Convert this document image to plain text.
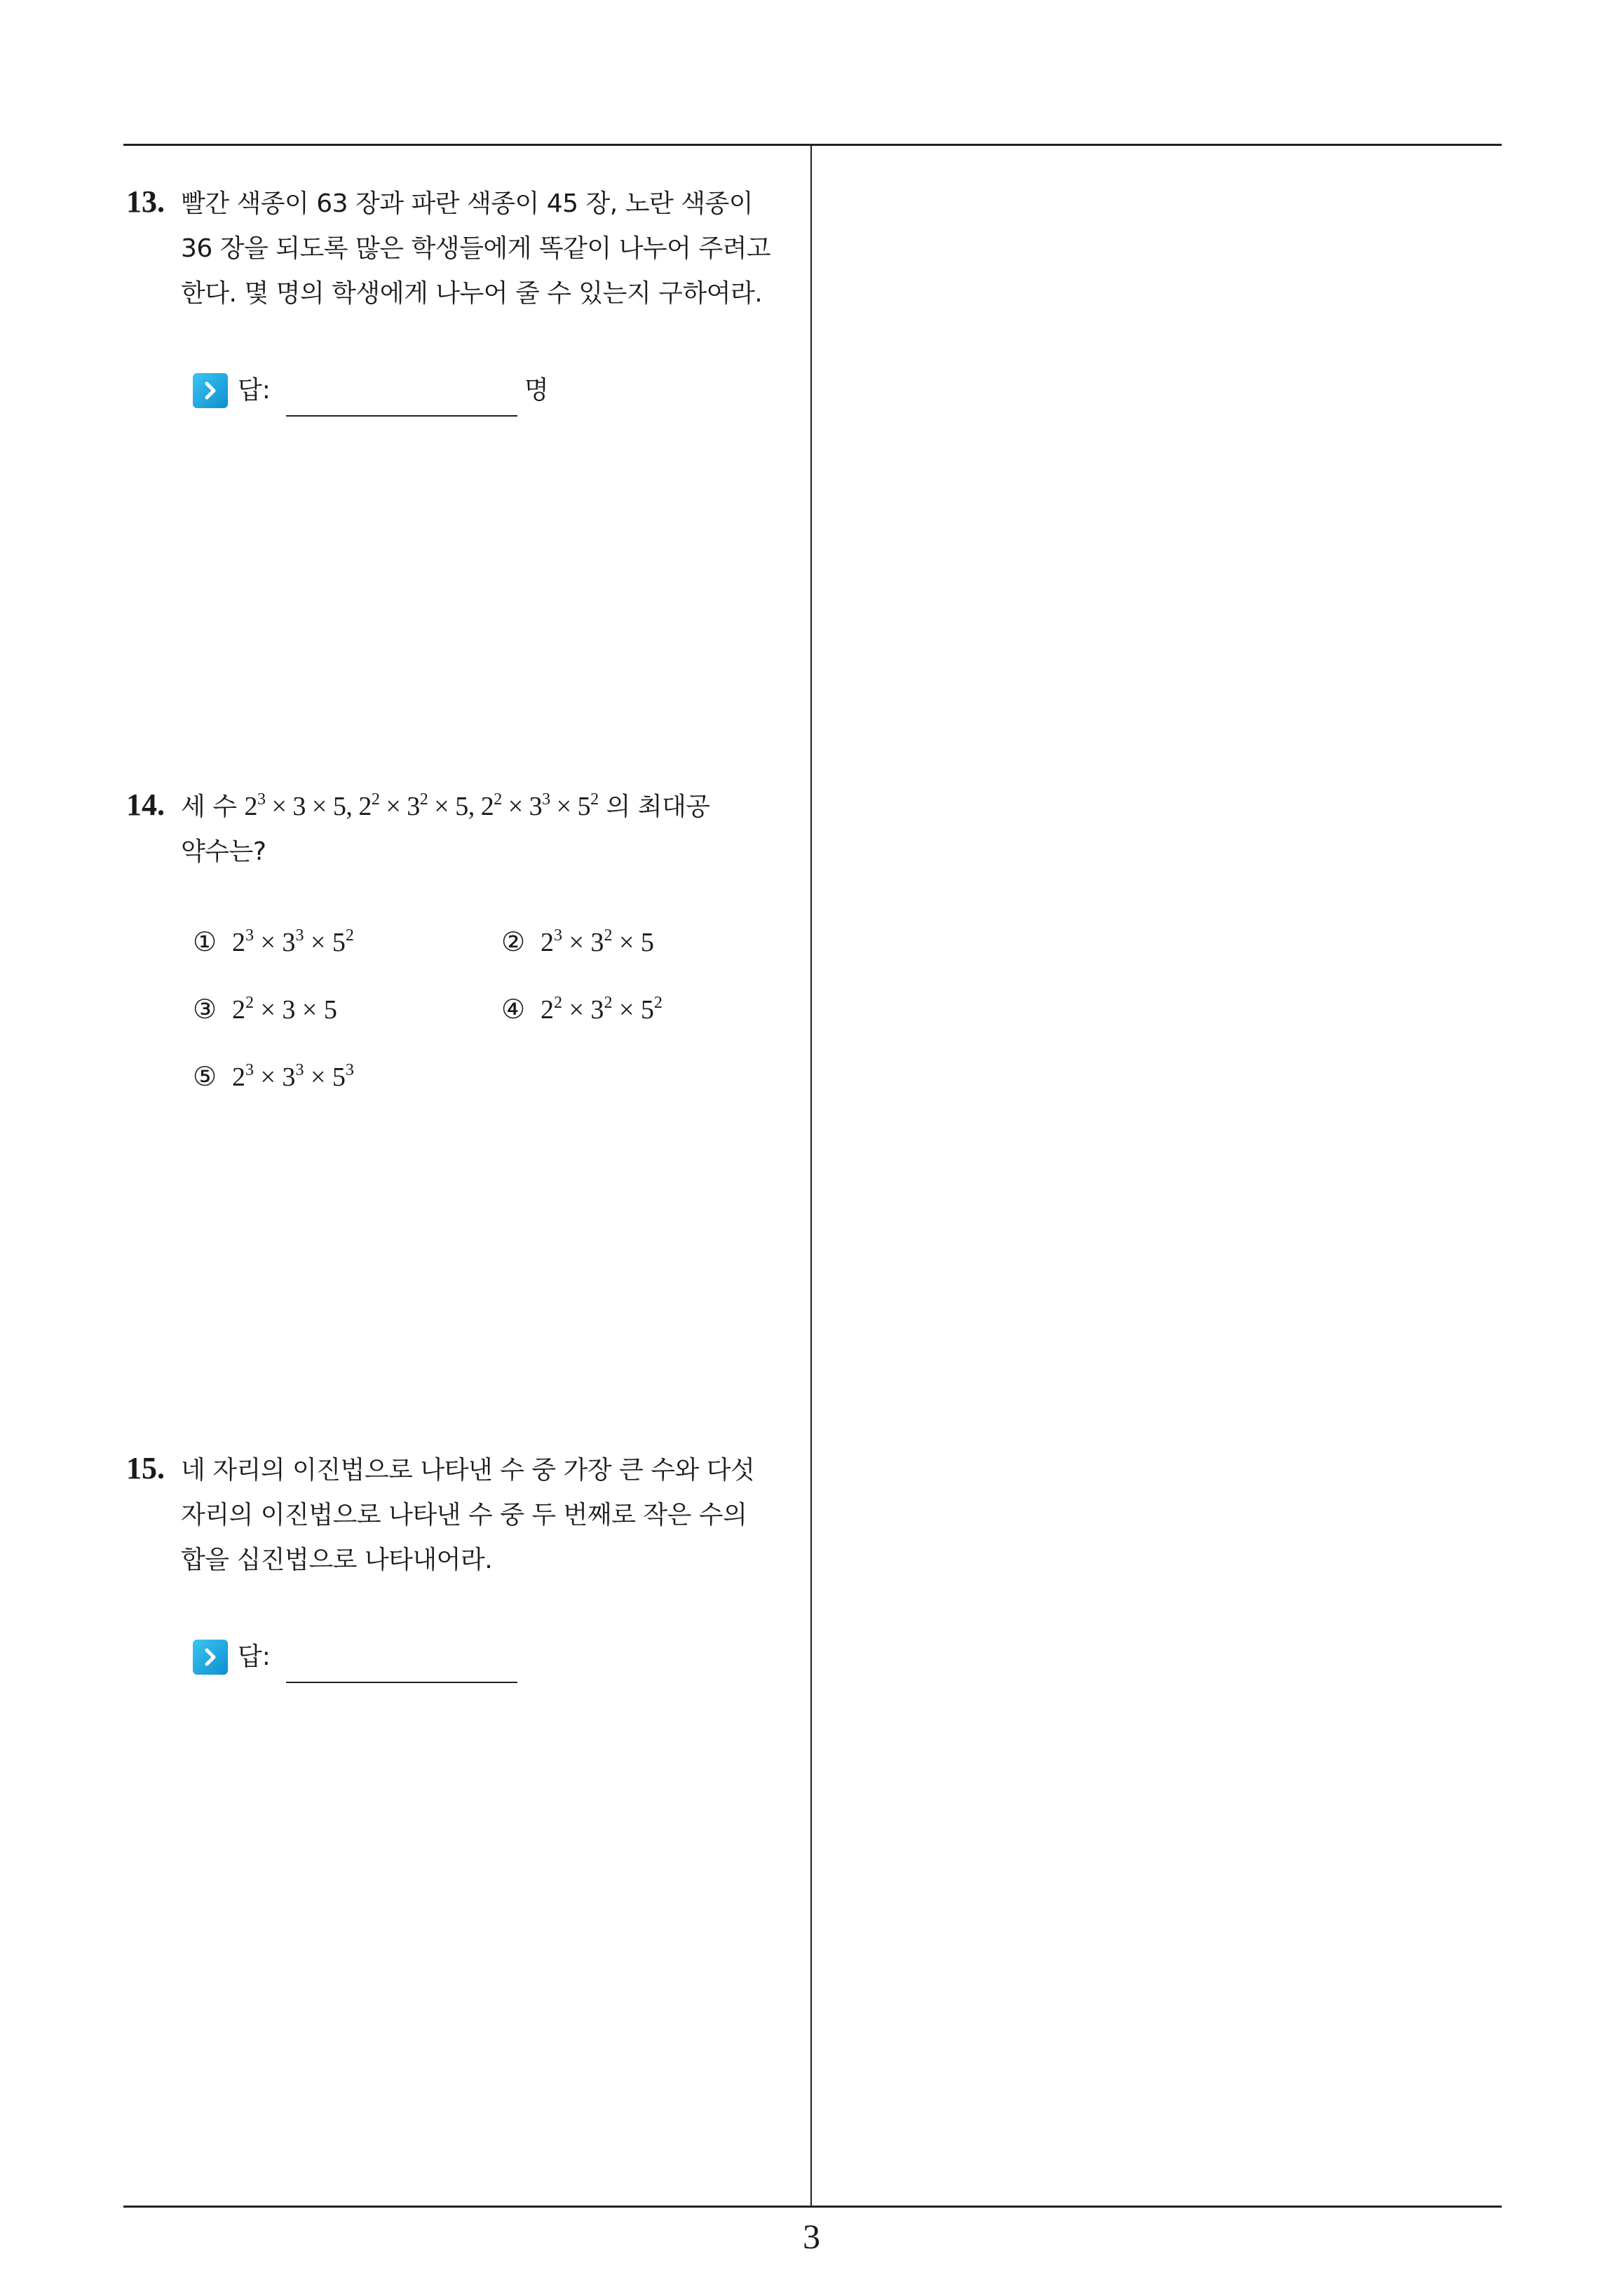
13. 빨간 색종이 63 장과 파란 색종이 45 장, 노란 색종이
36 장을 되도록 많은 학생들에게 똑같이 나누어 주려고
한다. 몇 명의 학생에게 나누어 줄 수 있는지 구하여라.
답:	명
14. 세 수 $2^3 \times 3 \times 5$, $2^2 \times 3^2 \times 5$, $2^2 \times 3^3 \times 5^2$ 의 최대공
약수는?
① $2^3 \times 3^3 \times 5^2$	② $2^3 \times 3^2 \times 5$
③ $2^2 \times 3 \times 5$	④ $2^2 \times 3^2 \times 5^2$
⑤ $2^3 \times 3^3 \times 5^3$
15. 네 자리의 이진법으로 나타낸 수 중 가장 큰 수와 다섯
자리의 이진법으로 나타낸 수 중 두 번째로 작은 수의
합을 십진법으로 나타내어라.
답:
3
